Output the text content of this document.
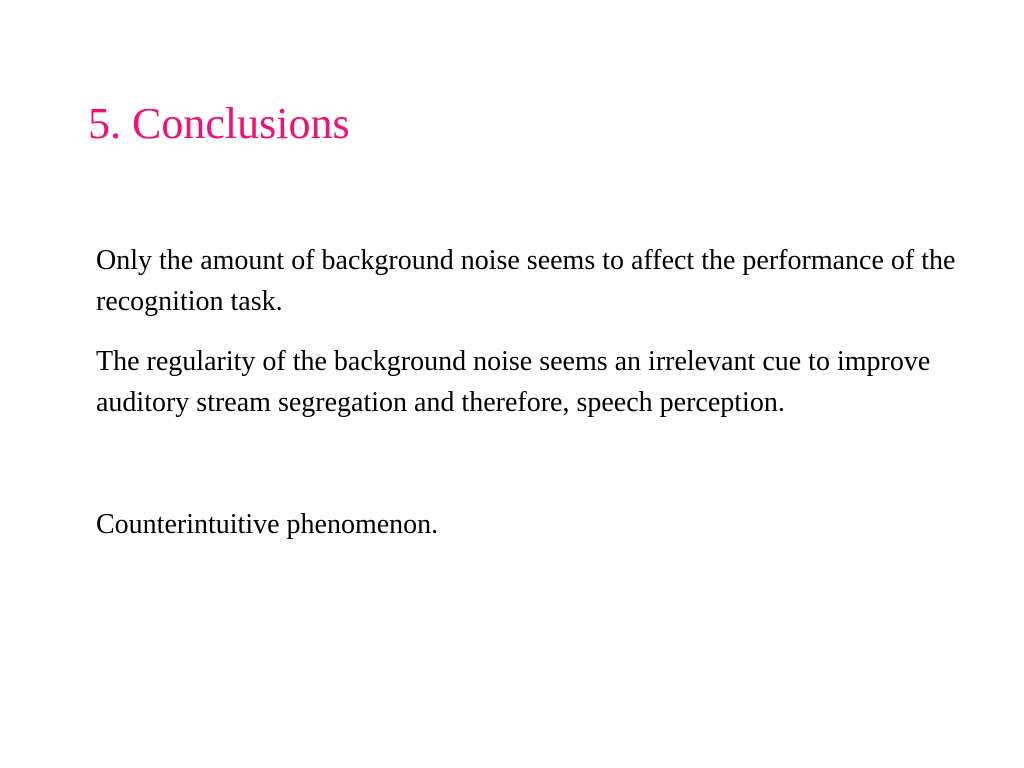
5. Conclusions

Only the amount of background noise seems to affect the performance of the recognition task.

The regularity of the background noise seems an irrelevant cue to improve auditory stream segregation and therefore, speech perception.

Counterintuitive phenomenon.
